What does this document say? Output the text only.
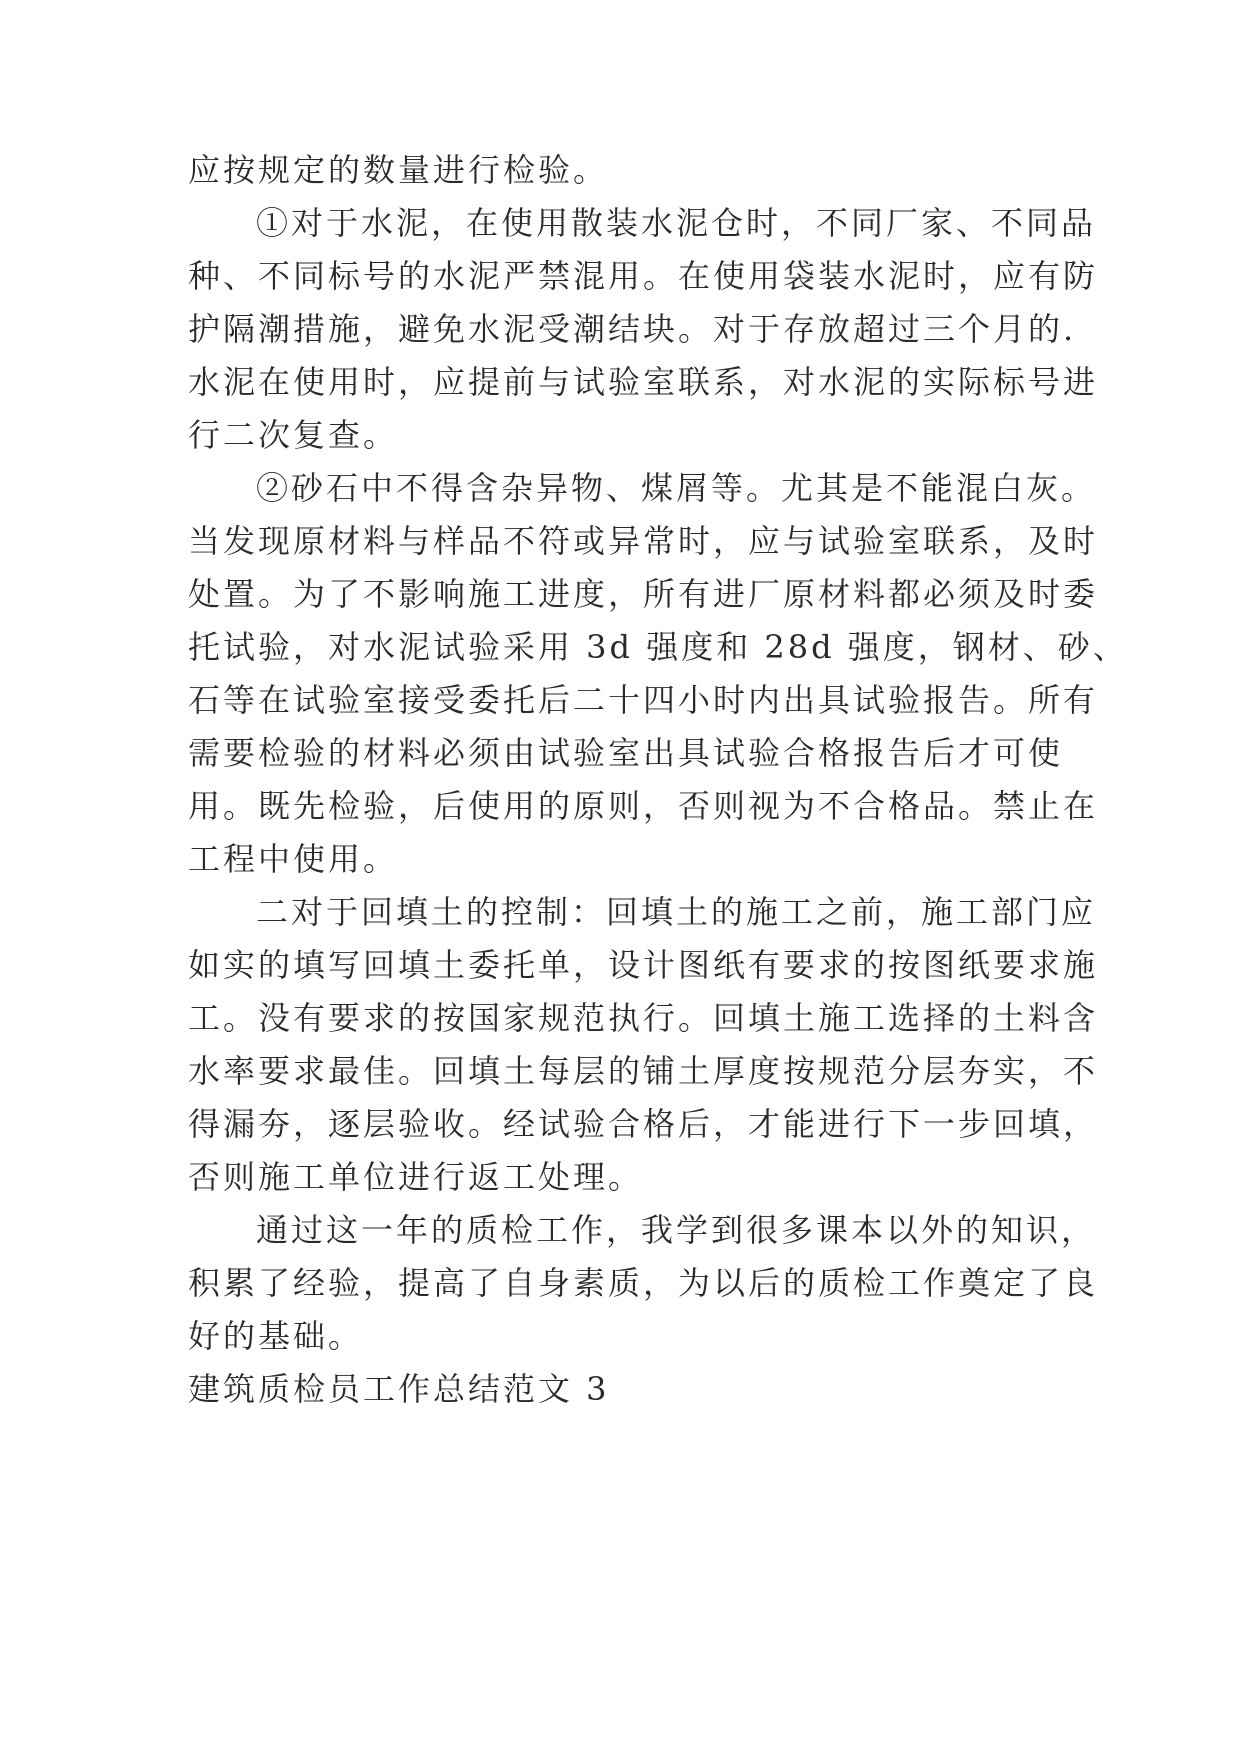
应按规定的数量进行检验。
①对于水泥，在使用散装水泥仓时，不同厂家、不同品
种、不同标号的水泥严禁混用。在使用袋装水泥时，应有防
护隔潮措施，避免水泥受潮结块。对于存放超过三个月的.
水泥在使用时，应提前与试验室联系，对水泥的实际标号进
行二次复查。
②砂石中不得含杂异物、煤屑等。尤其是不能混白灰。
当发现原材料与样品不符或异常时，应与试验室联系，及时
处置。为了不影响施工进度，所有进厂原材料都必须及时委
托试验，对水泥试验采用 3d 强度和 28d 强度，钢材、砂、
石等在试验室接受委托后二十四小时内出具试验报告。所有
需要检验的材料必须由试验室出具试验合格报告后才可使
用。既先检验，后使用的原则，否则视为不合格品。禁止在
工程中使用。
二对于回填土的控制：回填土的施工之前，施工部门应
如实的填写回填土委托单，设计图纸有要求的按图纸要求施
工。没有要求的按国家规范执行。回填土施工选择的土料含
水率要求最佳。回填土每层的铺土厚度按规范分层夯实，不
得漏夯，逐层验收。经试验合格后，才能进行下一步回填，
否则施工单位进行返工处理。
通过这一年的质检工作，我学到很多课本以外的知识，
积累了经验，提高了自身素质，为以后的质检工作奠定了良
好的基础。
建筑质检员工作总结范文 3
